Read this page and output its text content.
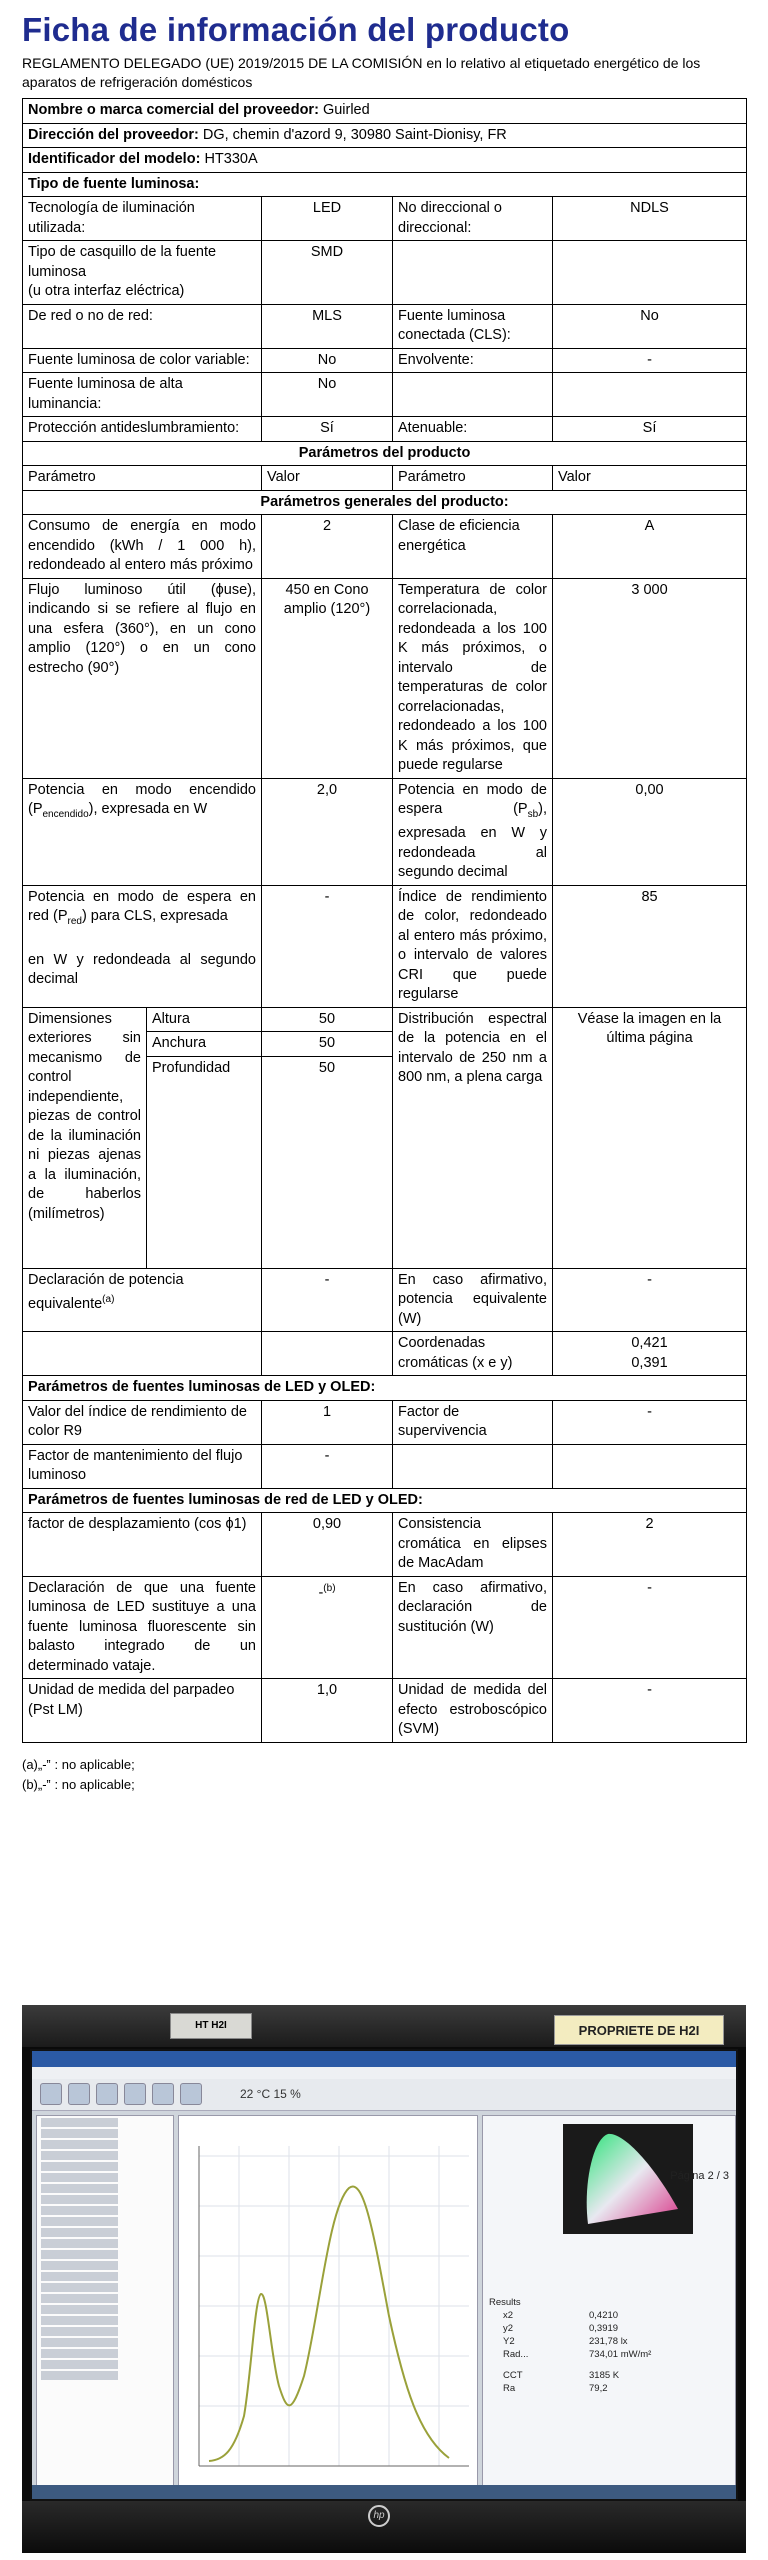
Ficha de información del producto
REGLAMENTO DELEGADO (UE) 2019/2015 DE LA COMISIÓN en lo relativo al etiquetado energético de los aparatos de refrigeración domésticos
Nombre o marca comercial del proveedor: Guirled				
Dirección del proveedor: DG, chemin d'azord 9, 30980 Saint-Dionisy, FR				
Identificador del modelo: HT330A				
Tipo de fuente luminosa:				
Tecnología de iluminación utilizada:		LED	No direccional o direccional:	NDLS

Tipo de casquillo de la fuente luminosa
(u otra interfaz eléctrica)		SMD		
De red o no de red:		MLS	Fuente luminosa conectada (CLS):	No
Fuente luminosa de color variable:		No	Envolvente:	-
Fuente luminosa de alta luminancia:		No		
Protección antideslumbramiento:		Sí	Atenuable:	Sí
Parámetros del producto				
Parámetro		Valor	Parámetro	Valor
Parámetros generales del producto:				
Consumo de energía en modo encendido (kWh / 1 000 h), redondeado al entero más próximo		2	Clase de eficiencia energética	A
Flujo luminoso útil (ϕuse), indicando si se refiere al flujo en una esfera (360°), en un cono amplio (120°) o en un cono estrecho (90°)		450 en Cono amplio (120°)	Temperatura de color correlacionada, redondeada a los 100 K más próximos, o intervalo de temperaturas de color correlacionadas, redondeado a los 100 K más próximos, que puede regularse	3 000
Potencia en modo encendido $(P_{encendido})$, expresada en W		2,0	Potencia en modo de espera $(P_{sb})$, expresada en W y redondeada al segundo decimal	0,00

Potencia en modo de espera en red $(P_{red})$ para CLS, expresada
en W y redondeada al segundo decimal		-	Índice de rendimiento de color, redondeado al entero más próximo, o intervalo de valores CRI que puede regularse	85
Dimensiones exteriores sin mecanismo de control independiente, piezas de control de la iluminación ni piezas ajenas a la iluminación, de haberlos (milímetros)	Altura	50	Distribución espectral de la potencia en el intervalo de 250 nm a 800 nm, a plena carga	Véase la imagen en la última página
	Anchura	50		
	Profundidad	50		
Declaración de potencia equivalente$^{(a)}$		-	En caso afirmativo, potencia equivalente (W)	-
			Coordenadas cromáticas (x e y)	0,421
0,391

Parámetros de fuentes luminosas de LED y OLED:				
Valor del índice de rendimiento de color R9		1	Factor de supervivencia	-
Factor de mantenimiento del flujo luminoso		-		
Parámetros de fuentes luminosas de red de LED y OLED:				
factor de desplazamiento (cos ϕ1)		0,90	Consistencia cromática en elipses de MacAdam	2
Declaración de que una fuente luminosa de LED sustituye a una fuente luminosa fluorescente sin balasto integrado de un determinado vataje.		-$^{(b)}$	En caso afirmativo, declaración de sustitución (W)	-
Unidad de medida del parpadeo (Pst LM)		1,0	Unidad de medida del efecto estroboscópico (SVM)	-
(a)„-‟ : no aplicable;
(b)„-‟ : no aplicable;
HT H2I	PROPRIETE DE H2I
22 °C 15 %
Página 2 / 3
Results
x2	0,4210
y2	0,3919
Y2	231,78 lx
Rad...	734,01 mW/m²
CCT	3185 K
Ra	79,2
hp
